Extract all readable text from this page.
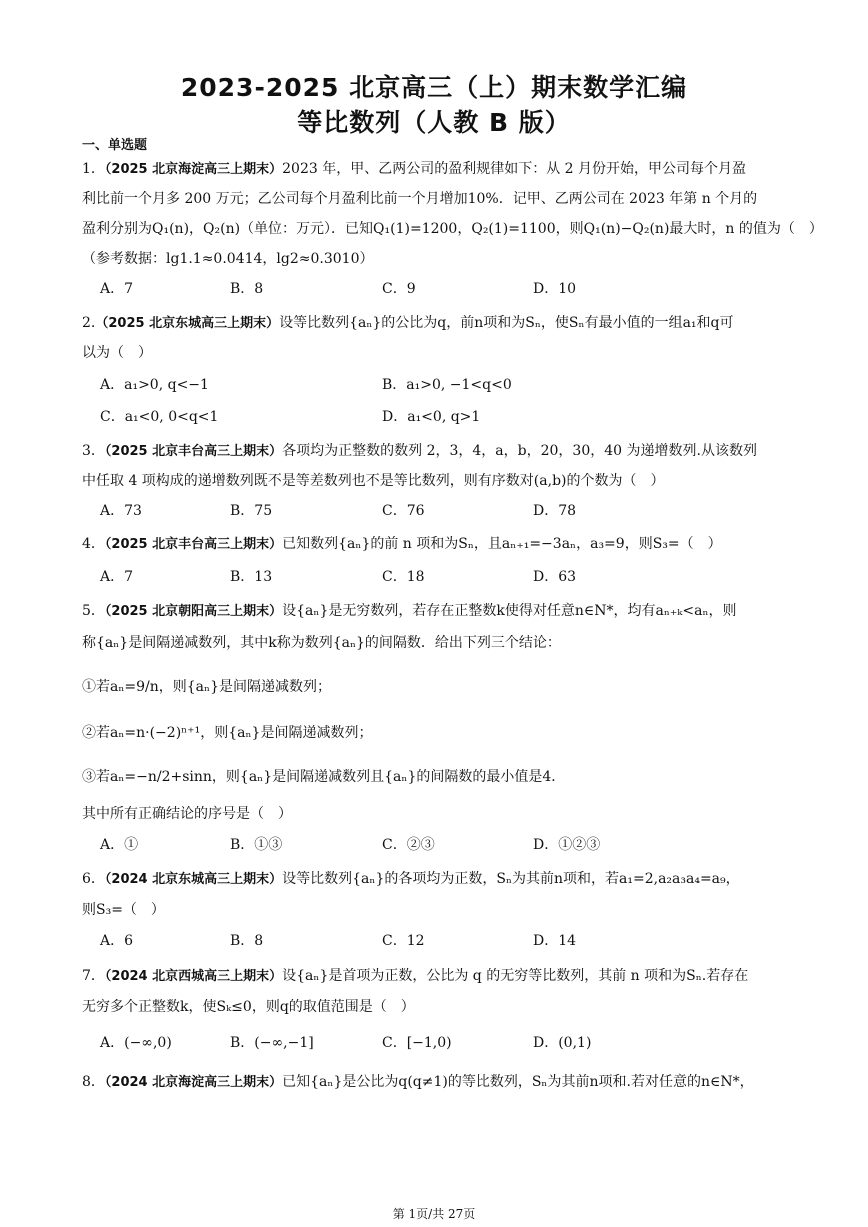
2023-2025 北京高三（上）期末数学汇编
等比数列（人教 B 版）
一、单选题
1．（2025 北京海淀高三上期末）2023 年，甲、乙两公司的盈利规律如下：从 2 月份开始，甲公司每个月盈
利比前一个月多 200 万元；乙公司每个月盈利比前一个月增加10%．记甲、乙两公司在 2023 年第 n 个月的
盈利分别为Q₁(n)，Q₂(n)（单位：万元）．已知Q₁(1)=1200，Q₂(1)=1100，则Q₁(n)−Q₂(n)最大时，n 的值为（　）
（参考数据：lg1.1≈0.0414，lg2≈0.3010）
A．7	B．8	C．9	D．10
2.（2025 北京东城高三上期末）设等比数列{aₙ}的公比为q，前n项和为Sₙ，使Sₙ有最小值的一组a₁和q可
以为（　）
A．a₁>0, q<−1	B．a₁>0, −1<q<0
C．a₁<0, 0<q<1	D．a₁<0, q>1
3．（2025 北京丰台高三上期末）各项均为正整数的数列 2，3，4，a，b，20，30，40 为递增数列.从该数列
中任取 4 项构成的递增数列既不是等差数列也不是等比数列，则有序数对(a,b)的个数为（　）
A．73	B．75	C．76	D．78
4．（2025 北京丰台高三上期末）已知数列{aₙ}的前 n 项和为Sₙ，且aₙ₊₁=−3aₙ，a₃=9，则S₃=（　）
A．7	B．13	C．18	D．63
5．（2025 北京朝阳高三上期末）设{aₙ}是无穷数列，若存在正整数k使得对任意n∈N*，均有aₙ₊ₖ<aₙ，则
称{aₙ}是间隔递减数列，其中k称为数列{aₙ}的间隔数．给出下列三个结论：
①若aₙ=9/n，则{aₙ}是间隔递减数列；
②若aₙ=n·(−2)ⁿ⁺¹，则{aₙ}是间隔递减数列；
③若aₙ=−n/2+sinn，则{aₙ}是间隔递减数列且{aₙ}的间隔数的最小值是4．
其中所有正确结论的序号是（　）
A．①	B．①③	C．②③	D．①②③
6．（2024 北京东城高三上期末）设等比数列{aₙ}的各项均为正数，Sₙ为其前n项和，若a₁=2,a₂a₃a₄=a₉，
则S₃=（　）
A．6	B．8	C．12	D．14
7．（2024 北京西城高三上期末）设{aₙ}是首项为正数，公比为 q 的无穷等比数列，其前 n 项和为Sₙ.若存在
无穷多个正整数k，使Sₖ≤0，则q的取值范围是（　）
A．(−∞,0)	B．(−∞,−1]	C．[−1,0)	D．(0,1)
8．（2024 北京海淀高三上期末）已知{aₙ}是公比为q(q≠1)的等比数列，Sₙ为其前n项和.若对任意的n∈N*，
第 1页/共 27页
